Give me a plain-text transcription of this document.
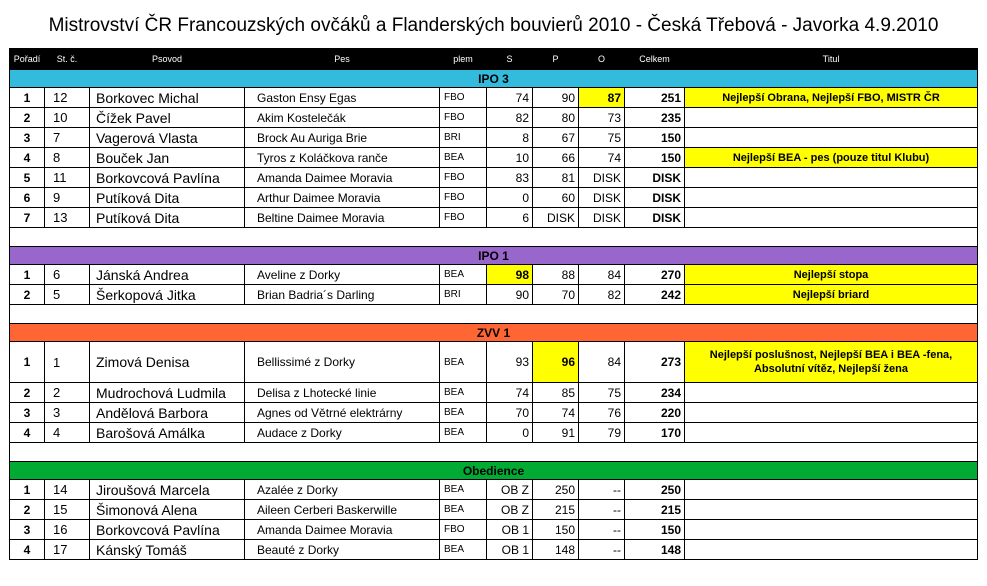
Mistrovství ČR Francouzských ovčáků a Flanderských bouvierů 2010 - Česká Třebová - Javorka 4.9.2010
Pořadí	St. č.	Psovod	Pes	plem	S	P	O	Celkem	Titul
IPO 3									
1	12	Borkovec Michal	Gaston Ensy Egas	FBO	74	90	87	251	Nejlepší Obrana, Nejlepší FBO, MISTR ČR
2	10	Čížek Pavel	Akim Kostelečák	FBO	82	80	73	235	
3	7	Vagerová Vlasta	Brock Au Auriga Brie	BRI	8	67	75	150	
4	8	Bouček Jan	Tyros z Koláčkova ranče	BEA	10	66	74	150	Nejlepší BEA - pes (pouze titul Klubu)
5	11	Borkovcová Pavlína	Amanda Daimee Moravia	FBO	83	81	DISK	DISK	
6	9	Putíková Dita	Arthur Daimee Moravia	FBO	0	60	DISK	DISK	
7	13	Putíková Dita	Beltine Daimee Moravia	FBO	6	DISK	DISK	DISK	

IPO 1									
1	6	Jánská Andrea	Aveline z Dorky	BEA	98	88	84	270	Nejlepší stopa
2	5	Šerkopová Jitka	Brian Badria´s Darling	BRI	90	70	82	242	Nejlepší briard

ZVV 1									
1	1	Zimová Denisa	Bellissimé z Dorky	BEA	93	96	84	273	Nejlepší poslušnost, Nejlepší BEA i BEA -fena, Absolutní vítěz, Nejlepší žena
2	2	Mudrochová Ludmila	Delisa z Lhotecké linie	BEA	74	85	75	234	
3	3	Andělová Barbora	Agnes od Větrné elektrárny	BEA	70	74	76	220	
4	4	Barošová Amálka	Audace z Dorky	BEA	0	91	79	170	

Obedience									
1	14	Jiroušová Marcela	Azalée z Dorky	BEA	OB Z	250	--	250	
2	15	Šimonová Alena	Aileen Cerberi Baskerwille	BEA	OB Z	215	--	215	
3	16	Borkovcová Pavlína	Amanda Daimee Moravia	FBO	OB 1	150	--	150	
4	17	Kánský Tomáš	Beauté z Dorky	BEA	OB 1	148	--	148	
